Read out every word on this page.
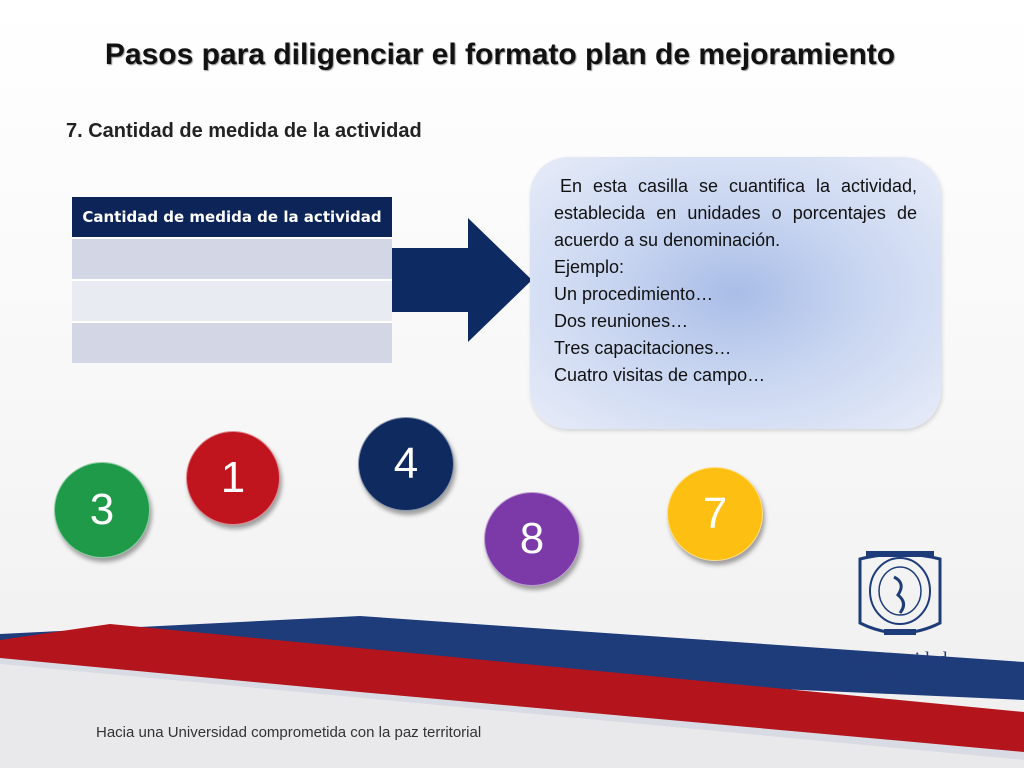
Pasos para diligenciar el formato plan de mejoramiento
7. Cantidad de medida de la actividad
Cantidad de medida de la actividad
En esta casilla se cuantifica la actividad,
establecida en unidades o porcentajes de
acuerdo a su denominación.
Ejemplo:
Un procedimiento…
Dos reuniones…
Tres capacitaciones…
Cuatro visitas de campo…
3
1	4
8
7
Universidad
del Cauca®
Hacia una Universidad comprometida con la paz territorial
